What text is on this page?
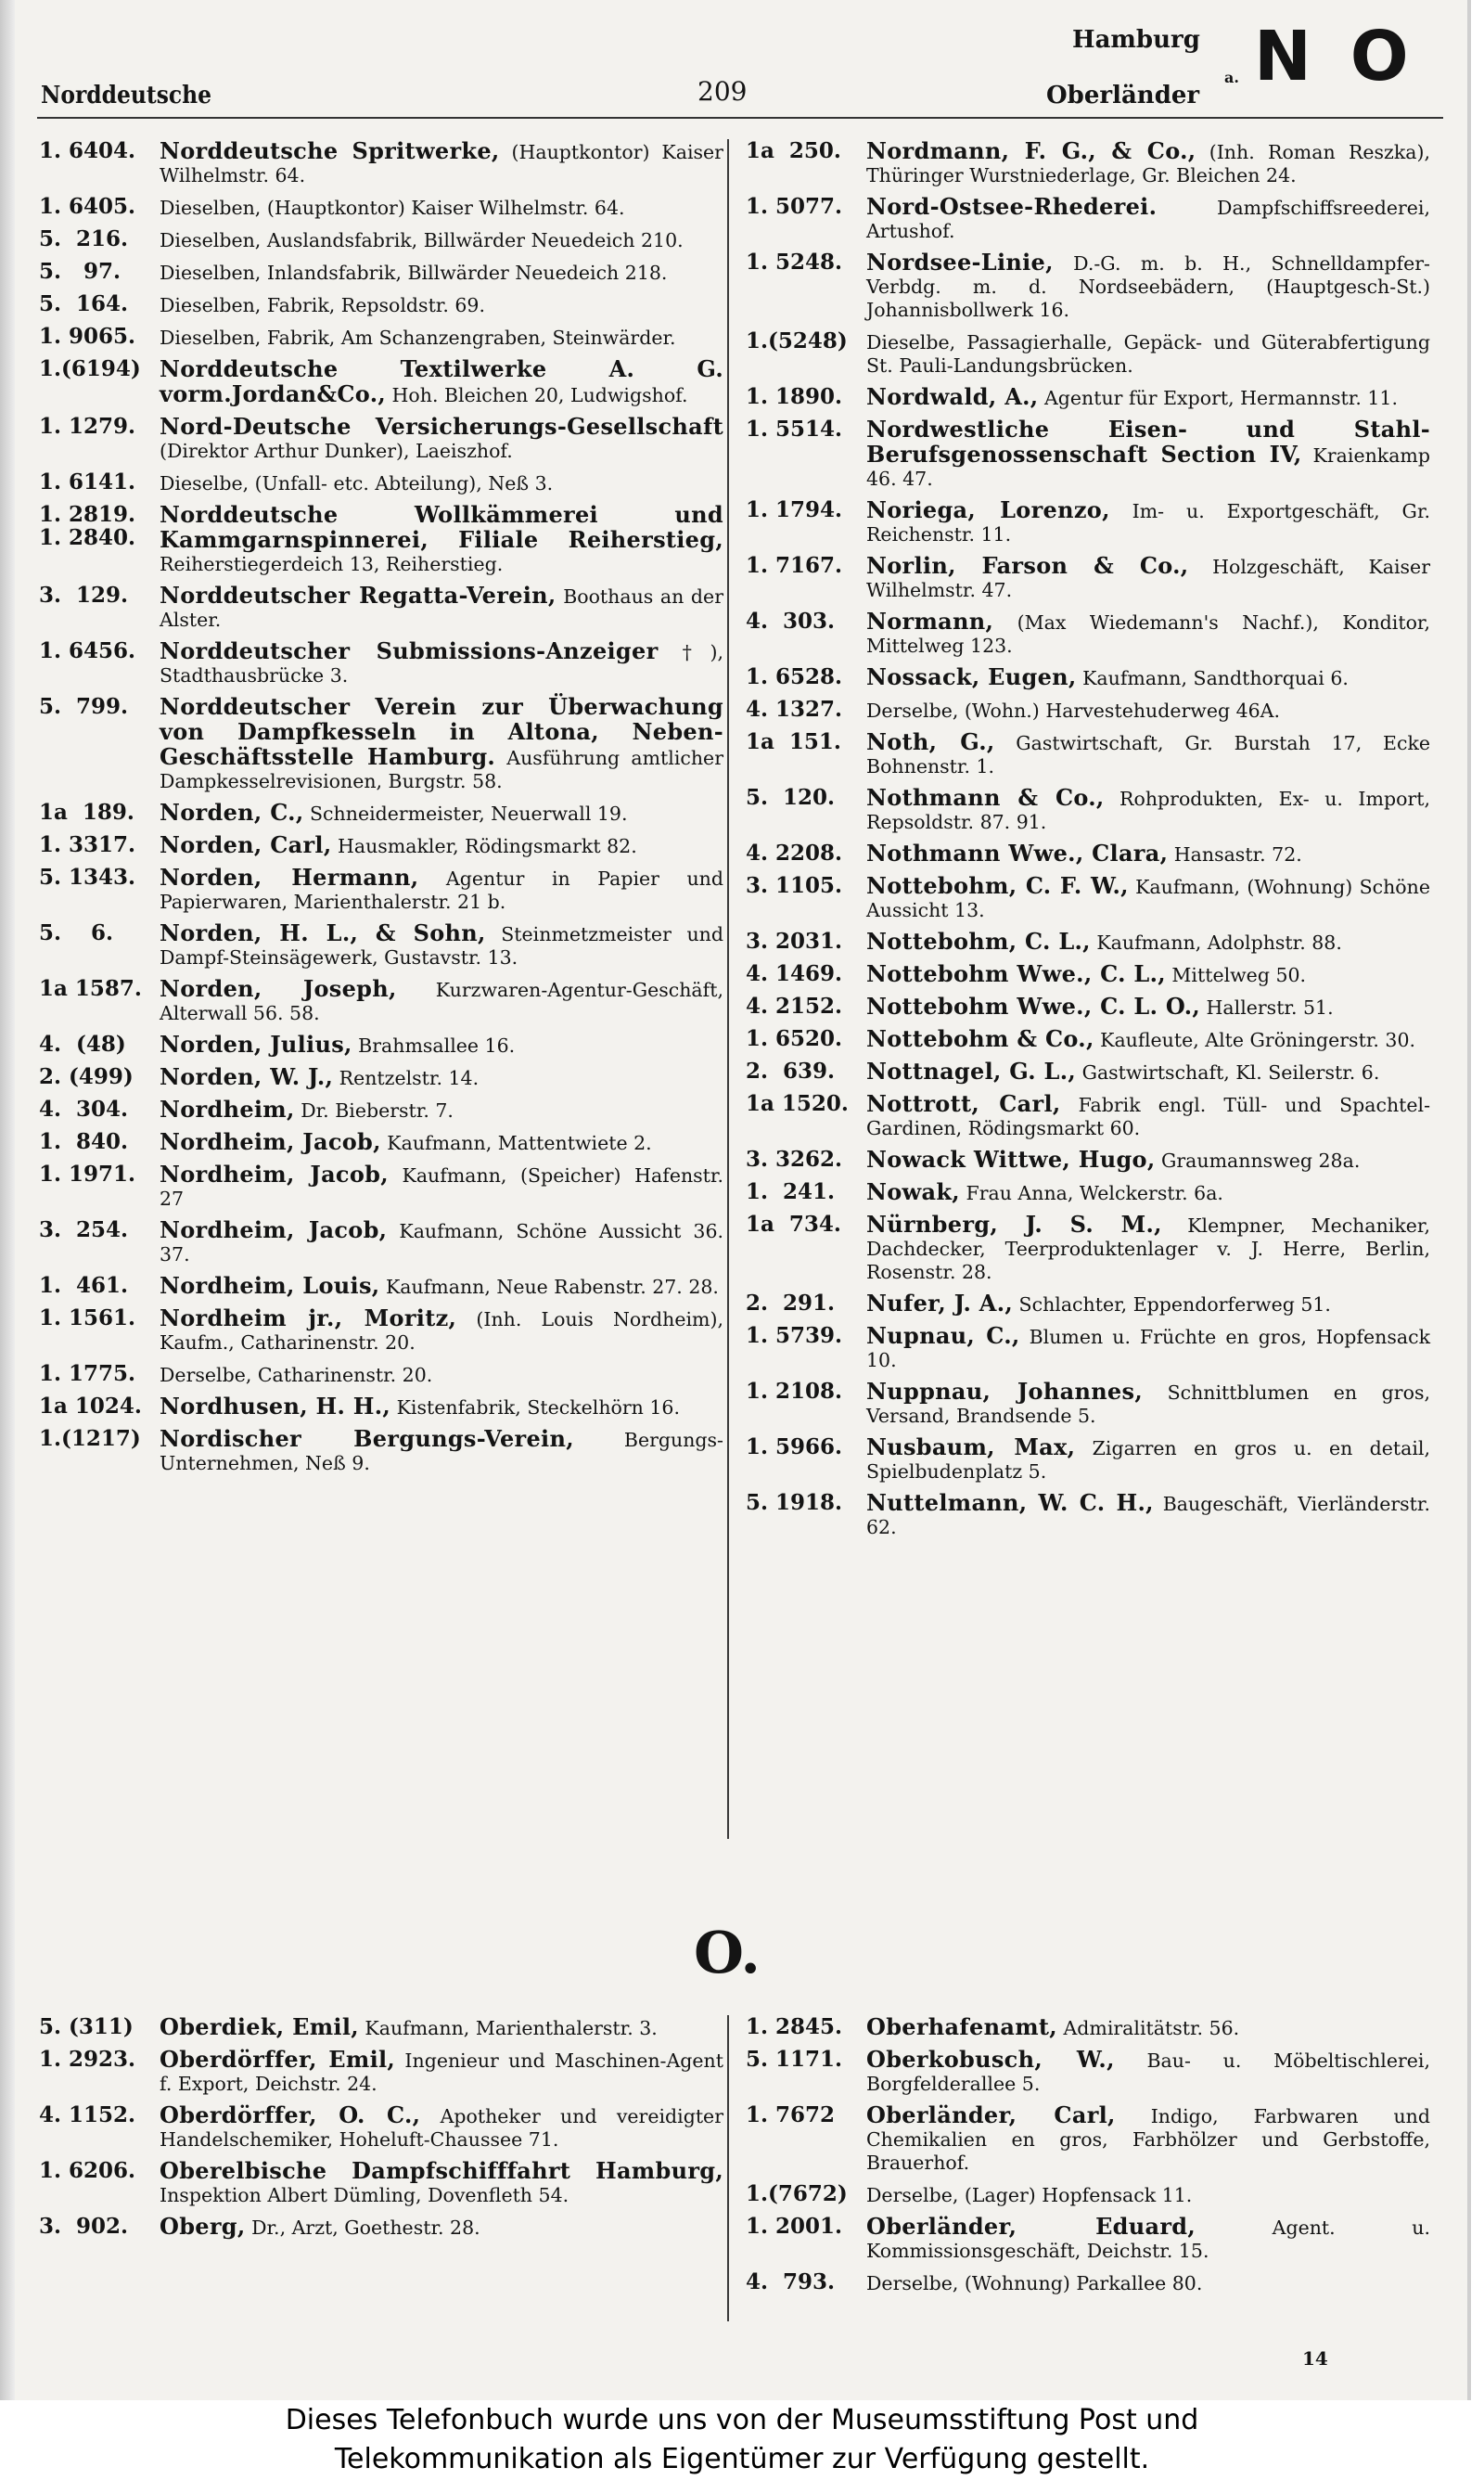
Norddeutsche	209
Hamburg
a.
Oberländer N O
1. 6404.	Norddeutsche Spritwerke, (Hauptkontor) Kaiser Wilhelmstr. 64.
1. 6405.	Dieselben, (Hauptkontor) Kaiser Wilhelmstr. 64.
5.  216.	Dieselben, Auslandsfabrik, Billwärder Neuedeich 210.
5.   97.	Dieselben, Inlandsfabrik, Billwärder Neuedeich 218.
5.  164.	Dieselben, Fabrik, Repsoldstr. 69.
1. 9065.	Dieselben, Fabrik, Am Schanzengraben, Steinwärder.
1.(6194) Norddeutsche Textilwerke A. G. vorm.Jordan&Co., Hoh. Bleichen 20, Ludwigshof.
1. 1279.	Nord-Deutsche Versicherungs-Gesellschaft (Direktor Arthur Dunker), Laeiszhof.
1. 6141.	Dieselbe, (Unfall- etc. Abteilung), Neß 3.
1. 2819.
1. 2840.
Norddeutsche Wollkämmerei und Kammgarnspinnerei, Filiale Reiherstieg, Reiherstiegerdeich 13, Reiherstieg.
3.  129.	Norddeutscher Regatta-Verein, Boothaus an der Alster.
1. 6456.	Norddeutscher Submissions-Anzeiger †), Stadthausbrücke 3.
5.  799.	Norddeutscher Verein zur Überwachung von Dampfkesseln in Altona, Neben-Geschäftsstelle Hamburg. Ausführung amtlicher Dampkesselrevisionen, Burgstr. 58.
1a  189.	Norden, C., Schneidermeister, Neuerwall 19.
1. 3317.	Norden, Carl, Hausmakler, Rödingsmarkt 82.
5. 1343.	Norden, Hermann, Agentur in Papier und Papierwaren, Marienthalerstr. 21 b.
5.    6.	Norden, H. L., & Sohn, Steinmetzmeister und Dampf-Steinsägewerk, Gustavstr. 13.
1a 1587. Norden, Joseph, Kurzwaren-Agentur-Geschäft, Alterwall 56. 58.
4.  (48)	Norden, Julius, Brahmsallee 16.
2. (499)	Norden, W. J., Rentzelstr. 14.
4.  304.	Nordheim, Dr. Bieberstr. 7.
1.  840.	Nordheim, Jacob, Kaufmann, Mattentwiete 2.
1. 1971.	Nordheim, Jacob, Kaufmann, (Speicher) Hafenstr. 27
3.  254.	Nordheim, Jacob, Kaufmann, Schöne Aussicht 36. 37.
1.  461.	Nordheim, Louis, Kaufmann, Neue Rabenstr. 27. 28.
1. 1561.	Nordheim jr., Moritz, (Inh. Louis Nordheim), Kaufm., Catharinenstr. 20.
1. 1775.	Derselbe, Catharinenstr. 20.
1a 1024. Nordhusen, H. H., Kistenfabrik, Steckelhörn 16.
1.(1217) Nordischer Bergungs-Verein, Bergungs-Unternehmen, Neß 9.
1a  250.	Nordmann, F. G., & Co., (Inh. Roman Reszka), Thüringer Wurstniederlage, Gr. Bleichen 24.
1. 5077.	Nord-Ostsee-Rhederei. Dampfschiffsreederei, Artushof.
1. 5248.	Nordsee-Linie, D.-G. m. b. H., Schnelldampfer-Verbdg. m. d. Nordseebädern, (Hauptgesch-St.) Johannisbollwerk 16.
1.(5248) Dieselbe, Passagierhalle, Gepäck- und Güterabfertigung St. Pauli-Landungsbrücken.
1. 1890.	Nordwald, A., Agentur für Export, Hermannstr. 11.
1. 5514.	Nordwestliche Eisen- und Stahl-Berufsgenossenschaft Section IV, Kraienkamp 46. 47.
1. 1794.	Noriega, Lorenzo, Im- u. Exportgeschäft, Gr. Reichenstr. 11.
1. 7167.	Norlin, Farson & Co., Holzgeschäft, Kaiser Wilhelmstr. 47.
4.  303.	Normann, (Max Wiedemann's Nachf.), Konditor, Mittelweg 123.
1. 6528.	Nossack, Eugen, Kaufmann, Sandthorquai 6.
4. 1327.	Derselbe, (Wohn.) Harvestehuderweg 46A.
1a  151.	Noth, G., Gastwirtschaft, Gr. Burstah 17, Ecke Bohnenstr. 1.
5.  120.	Nothmann & Co., Rohprodukten, Ex- u. Import, Repsoldstr. 87. 91.
4. 2208.	Nothmann Wwe., Clara, Hansastr. 72.
3. 1105.	Nottebohm, C. F. W., Kaufmann, (Wohnung) Schöne Aussicht 13.
3. 2031.	Nottebohm, C. L., Kaufmann, Adolphstr. 88.
4. 1469.	Nottebohm Wwe., C. L., Mittelweg 50.
4. 2152.	Nottebohm Wwe., C. L. O., Hallerstr. 51.
1. 6520.	Nottebohm & Co., Kaufleute, Alte Gröningerstr. 30.
2.  639.	Nottnagel, G. L., Gastwirtschaft, Kl. Seilerstr. 6.
1a 1520. Nottrott, Carl, Fabrik engl. Tüll- und Spachtel-Gardinen, Rödingsmarkt 60.
3. 3262.	Nowack Wittwe, Hugo, Graumannsweg 28a.
1.  241.	Nowak, Frau Anna, Welckerstr. 6a.
1a  734.	Nürnberg, J. S. M., Klempner, Mechaniker, Dachdecker, Teerproduktenlager v. J. Herre, Berlin, Rosenstr. 28.
2.  291.	Nufer, J. A., Schlachter, Eppendorferweg 51.
1. 5739.	Nupnau, C., Blumen u. Früchte en gros, Hopfensack 10.
1. 2108.	Nuppnau, Johannes, Schnittblumen en gros, Versand, Brandsende 5.
1. 5966.	Nusbaum, Max, Zigarren en gros u. en detail, Spielbudenplatz 5.
5. 1918.	Nuttelmann, W. C. H., Baugeschäft, Vierländerstr. 62.
O.
5. (311)	Oberdiek, Emil, Kaufmann, Marienthalerstr. 3.
1. 2923.	Oberdörffer, Emil, Ingenieur und Maschinen-Agent f. Export, Deichstr. 24.
4. 1152.	Oberdörffer, O. C., Apotheker und vereidigter Handelschemiker, Hoheluft-Chaussee 71.
1. 6206.	Oberelbische Dampfschifffahrt Hamburg, Inspektion Albert Dümling, Dovenfleth 54.
3.  902.	Oberg, Dr., Arzt, Goethestr. 28.
1. 2845.	Oberhafenamt, Admiralitätstr. 56.
5. 1171.	Oberkobusch, W., Bau- u. Möbeltischlerei, Borgfelderallee 5.
1. 7672	Oberländer, Carl, Indigo, Farbwaren und Chemikalien en gros, Farbhölzer und Gerbstoffe, Brauerhof.
1.(7672) Derselbe, (Lager) Hopfensack 11.
1. 2001.	Oberländer, Eduard, Agent. u. Kommissionsgeschäft, Deichstr. 15.
4.  793.	Derselbe, (Wohnung) Parkallee 80.
14
Dieses Telefonbuch wurde uns von der Museumsstiftung Post und
Telekommunikation als Eigentümer zur Verfügung gestellt.
